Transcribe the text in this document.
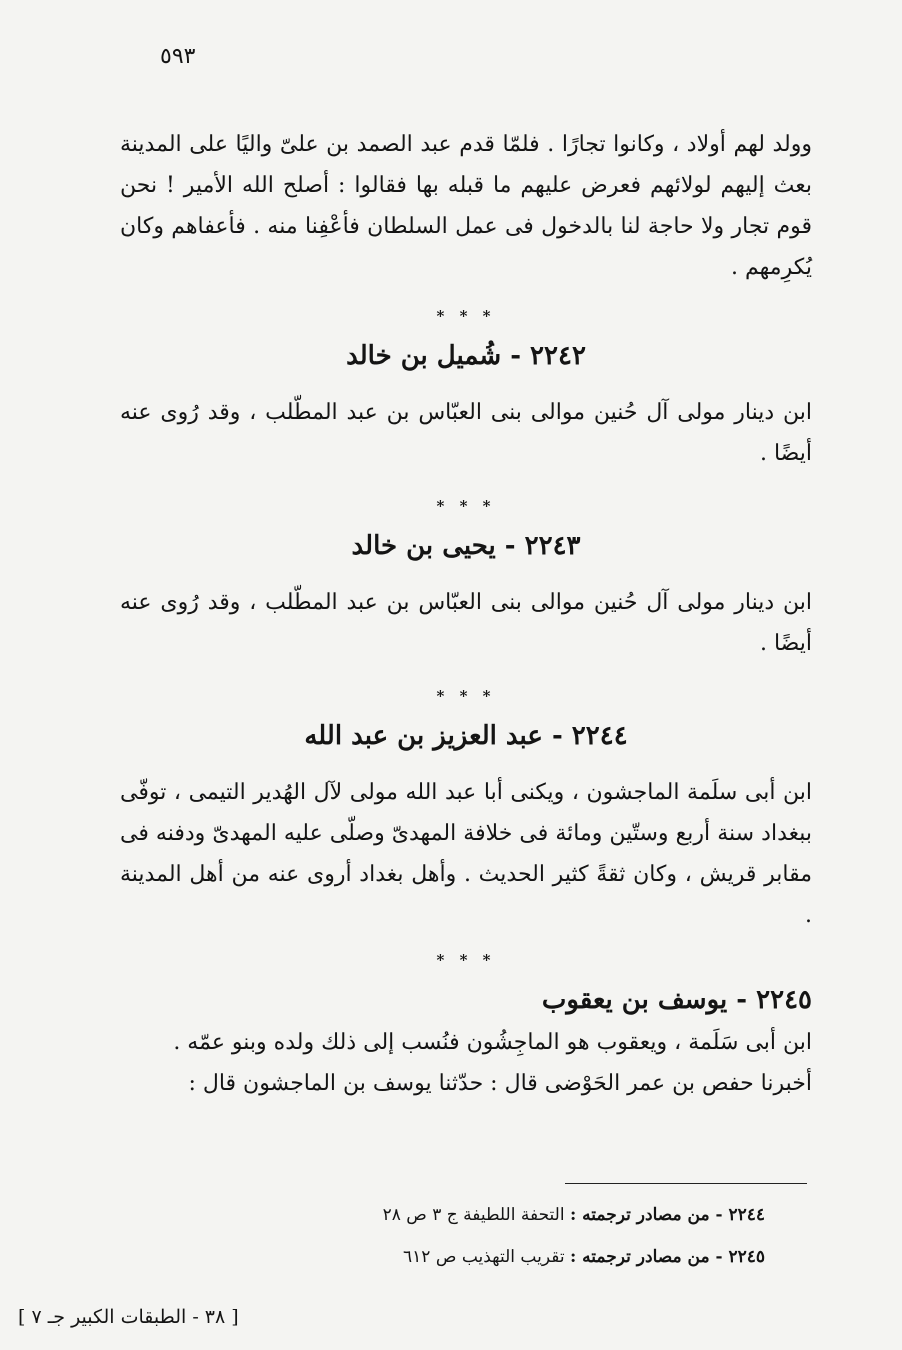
٥٩٣

وولد لهم أولاد ، وكانوا تجارًا . فلمّا قدم عبد الصمد بن علىّ واليًا على المدينة بعث إليهم لولائهم فعرض عليهم ما قبله بها فقالوا : أصلح الله الأمير ! نحن قوم تجار ولا حاجة لنا بالدخول فى عمل السلطان فأعْفِنا منه . فأعفاهم وكان يُكرِمهم .

* * *

٢٢٤٢ - شُميل بن خالد

ابن دينار مولى آل حُنين موالى بنى العبّاس بن عبد المطّلب ، وقد رُوى عنه أيضًا .

* * *

٢٢٤٣ - يحيى بن خالد

ابن دينار مولى آل حُنين موالى بنى العبّاس بن عبد المطّلب ، وقد رُوى عنه أيضًا .

* * *

٢٢٤٤ - عبد العزيز بن عبد الله

ابن أبى سلَمة الماجشون ، ويكنى أبا عبد الله مولى لآل الهُدير التيمى ، توفّى ببغداد سنة أربع وستّين ومائة فى خلافة المهدىّ وصلّى عليه المهدىّ ودفنه فى مقابر قريش ، وكان ثقةً كثير الحديث . وأهل بغداد أروى عنه من أهل المدينة .

* * *

٢٢٤٥ - يوسف بن يعقوب

ابن أبى سَلَمة ، ويعقوب هو الماجِشُون فنُسب إلى ذلك ولده وبنو عمّه .

أخبرنا حفص بن عمر الحَوْضى قال : حدّثنا يوسف بن الماجشون قال :

٢٢٤٤ - من مصادر ترجمته : التحفة اللطيفة ج ٣ ص ٢٨
٢٢٤٥ - من مصادر ترجمته : تقريب التهذيب ص ٦١٢
[ ٣٨ - الطبقات الكبير جـ ٧ ]
